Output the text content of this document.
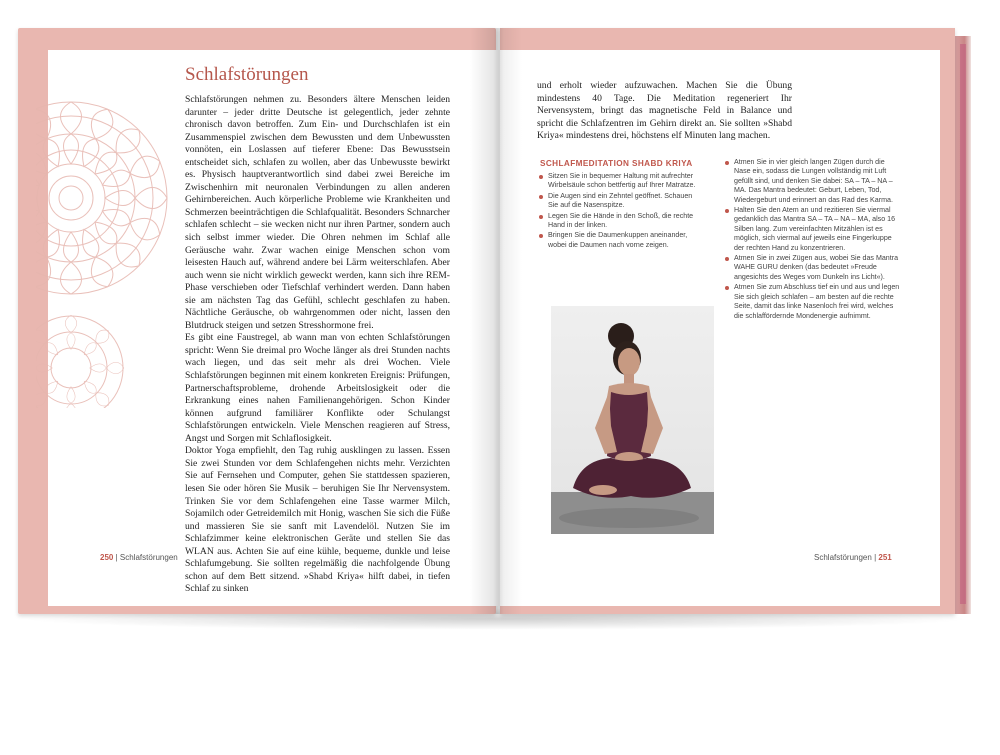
Schlafstörungen

Schlafstörungen nehmen zu. Besonders ältere Menschen leiden darunter – jeder dritte Deutsche ist gelegentlich, jeder zehnte chronisch davon betroffen. Zum Ein- und Durchschlafen ist ein Zusammenspiel zwischen dem Bewussten und dem Unbewussten vonnöten, ein Loslassen auf tieferer Ebene: Das Bewusstsein entscheidet sich, schlafen zu wollen, aber das Unbewusste bewirkt es. Physisch hauptverantwortlich sind dabei zwei Bereiche im Zwischenhirn mit neuronalen Verbindungen zu allen anderen Gehirnbereichen. Auch körperliche Probleme wie Krankheiten und Schmerzen beeinträchtigen die Schlafqualität. Besonders Schnarcher schlafen schlecht – sie wecken nicht nur ihren Partner, sondern auch sich selbst immer wieder. Die Ohren nehmen im Schlaf alle Geräusche wahr. Zwar wachen einige Menschen schon vom leisesten Hauch auf, während andere bei Lärm weiterschlafen. Aber auch wenn sie nicht wirklich geweckt werden, kann sich ihre REM-Phase verschieben oder Tiefschlaf verhindert werden. Dann haben sie am nächsten Tag das Gefühl, schlecht geschlafen zu haben. Nächtliche Geräusche, ob wahrgenommen oder nicht, lassen den Blutdruck steigen und setzen Stresshormone frei.

Es gibt eine Faustregel, ab wann man von echten Schlafstörungen spricht: Wenn Sie dreimal pro Woche länger als drei Stunden nachts wach liegen, und das seit mehr als drei Wochen. Viele Schlafstörungen beginnen mit einem konkreten Ereignis: Prüfungen, Partnerschaftsprobleme, drohende Arbeitslosigkeit oder die Erkrankung eines nahen Familienangehörigen. Schon Kinder können aufgrund familiärer Konflikte oder Schulangst Schlafstörungen entwickeln. Viele Menschen reagieren auf Stress, Angst und Sorgen mit Schlaflosigkeit.

Doktor Yoga empfiehlt, den Tag ruhig ausklingen zu lassen. Essen Sie zwei Stunden vor dem Schlafengehen nichts mehr. Verzichten Sie auf Fernsehen und Computer, gehen Sie stattdessen spazieren, lesen Sie oder hören Sie Musik – beruhigen Sie Ihr Nervensystem. Trinken Sie vor dem Schlafengehen eine Tasse warmer Milch, Sojamilch oder Getreidemilch mit Honig, waschen Sie sich die Füße und massieren Sie sie sanft mit Lavendelöl. Nutzen Sie im Schlafzimmer keine elektronischen Geräte und stellen Sie das WLAN aus. Achten Sie auf eine kühle, bequeme, dunkle und leise Schlafumgebung. Sie sollten regelmäßig die nachfolgende Übung schon auf dem Bett sitzend. »Shabd Kriya« hilft dabei, in tiefen Schlaf zu sinken

250 | Schlafstörungen

und erholt wieder aufzuwachen. Machen Sie die Übung mindestens 40 Tage. Die Meditation regeneriert Ihr Nervensystem, bringt das magnetische Feld in Balance und spricht die Schlafzentren im Gehirn direkt an. Sie sollten »Shabd Kriya« mindestens drei, höchstens elf Minuten lang machen.

SCHLAFMEDITATION SHABD KRIYA
Sitzen Sie in bequemer Haltung mit aufrechter Wirbelsäule schon bettfertig auf Ihrer Matratze.
Die Augen sind ein Zehntel geöffnet. Schauen Sie auf die Nasenspitze.
Legen Sie die Hände in den Schoß, die rechte Hand in der linken.
Bringen Sie die Daumenkuppen aneinander, wobei die Daumen nach vorne zeigen.
Atmen Sie in vier gleich langen Zügen durch die Nase ein, sodass die Lungen vollständig mit Luft gefüllt sind, und denken Sie dabei: SA – TA – NA – MA. Das Mantra bedeutet: Geburt, Leben, Tod, Wiedergeburt und erinnert an das Rad des Karma.
Halten Sie den Atem an und rezitieren Sie viermal gedanklich das Mantra SA – TA – NA – MA, also 16 Silben lang. Zum vereinfachten Mitzählen ist es möglich, sich viermal auf jeweils eine Fingerkuppe der rechten Hand zu konzentrieren.
Atmen Sie in zwei Zügen aus, wobei Sie das Mantra WAHE GURU denken (das bedeutet »Freude angesichts des Weges vom Dunkeln ins Licht«).
Atmen Sie zum Abschluss tief ein und aus und legen Sie sich gleich schlafen – am besten auf die rechte Seite, damit das linke Nasenloch frei wird, welches die schlaffördernde Mondenergie aufnimmt.
Schlafstörungen | 251
